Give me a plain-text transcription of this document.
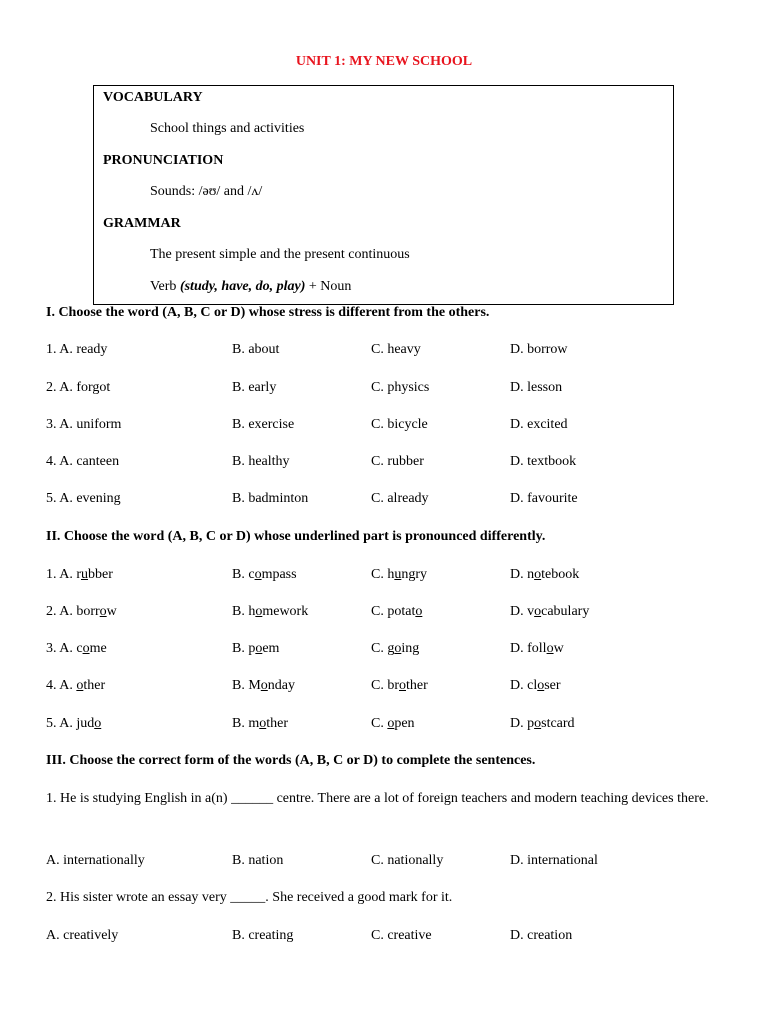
UNIT 1: MY NEW SCHOOL
VOCABULARY
School things and activities
PRONUNCIATION
Sounds: /əʊ/ and /ʌ/
GRAMMAR
The present simple and the present continuous
Verb (study, have, do, play) + Noun
I. Choose the word (A, B, C or D) whose stress is different from the others.
1. A. ready	B. about	C. heavy	D. borrow
2. A. forgot	B. early	C. physics	D. lesson
3. A. uniform	B. exercise	C. bicycle	D. excited
4. A. canteen	B. healthy	C. rubber	D. textbook
5. A. evening	B. badminton	C. already	D. favourite
II. Choose the word (A, B, C or D) whose underlined part is pronounced differently.
1. A. rubber	B. compass	C. hungry	D. notebook
2. A. borrow	B. homework	C. potato	D. vocabulary
3. A. come	B. poem	C. going	D. follow
4. A. other	B. Monday	C. brother	D. closer
5. A. judo	B. mother	C. open	D. postcard
III. Choose the correct form of the words (A, B, C or D) to complete the sentences.
1. He is studying English in a(n) ______ centre. There are a lot of foreign teachers and modern teaching devices there.
A. internationally	B. nation	C. nationally	D. international
2. His sister wrote an essay very _____. She received a good mark for it.
A. creatively	B. creating	C. creative	D. creation
